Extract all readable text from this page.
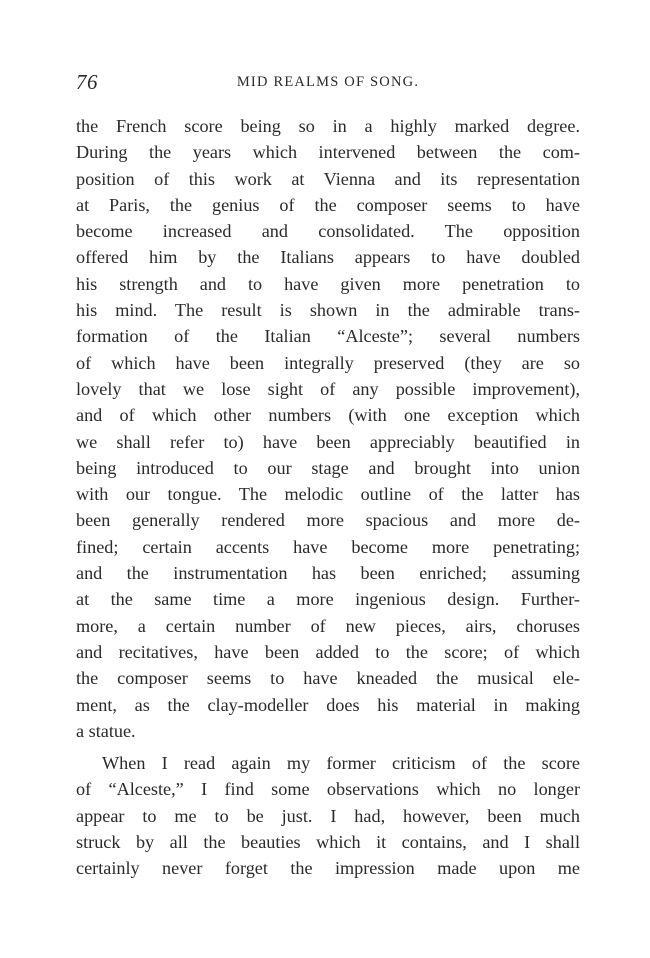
76	MID REALMS OF SONG.
the French score being so in a highly marked degree.
During the years which intervened between the com-
position of this work at Vienna and its representation
at Paris, the genius of the composer seems to have
become increased and consolidated. The opposition
offered him by the Italians appears to have doubled
his strength and to have given more penetration to
his mind. The result is shown in the admirable trans-
formation of the Italian “Alceste”; several numbers
of which have been integrally preserved (they are so
lovely that we lose sight of any possible improvement),
and of which other numbers (with one exception which
we shall refer to) have been appreciably beautified in
being introduced to our stage and brought into union
with our tongue. The melodic outline of the latter has
been generally rendered more spacious and more de-
fined; certain accents have become more penetrating;
and the instrumentation has been enriched; assuming
at the same time a more ingenious design. Further-
more, a certain number of new pieces, airs, choruses
and recitatives, have been added to the score; of which
the composer seems to have kneaded the musical ele-
ment, as the clay-modeller does his material in making
a statue.
When I read again my former criticism of the score
of “Alceste,” I find some observations which no longer
appear to me to be just. I had, however, been much
struck by all the beauties which it contains, and I shall
certainly never forget the impression made upon me
